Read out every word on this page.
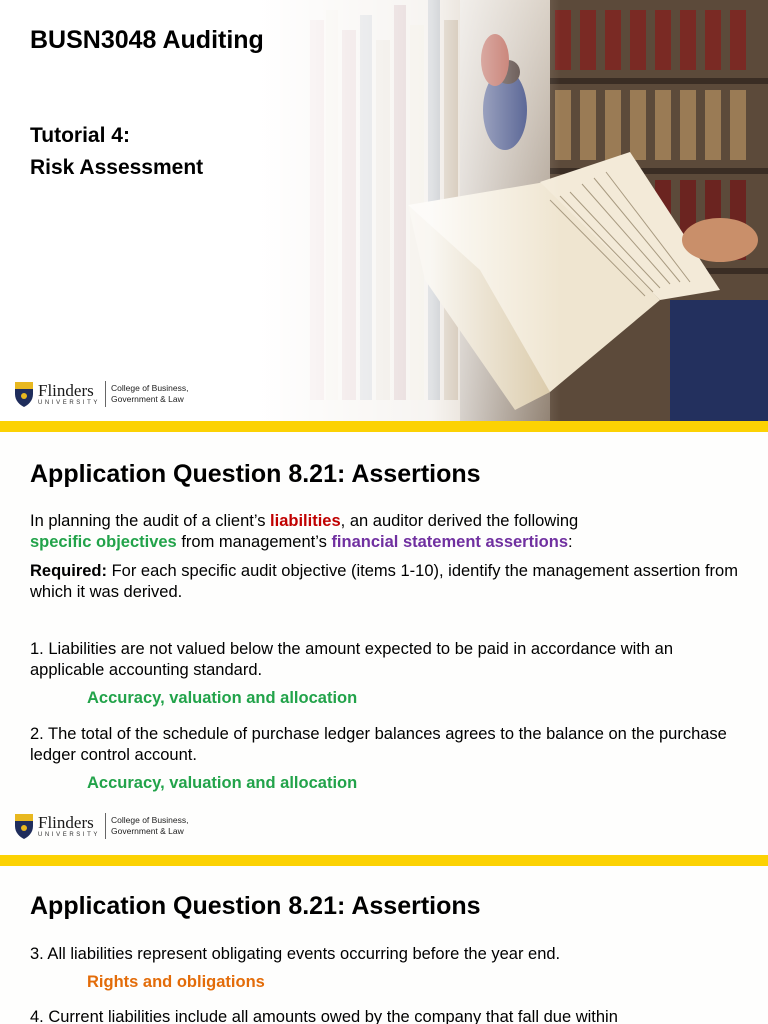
BUSN3048 Auditing
Tutorial 4:
Risk Assessment
Flinders
UNIVERSITY
College of Business,
Government & Law
Application Question 8.21: Assertions
In planning the audit of a client’s liabilities, an auditor derived the following
specific objectives from management’s financial statement assertions:
Required: For each specific audit objective (items 1-10), identify the management assertion from which it was derived.
1. Liabilities are not valued below the amount expected to be paid in accordance with an applicable accounting standard.
Accuracy, valuation and allocation
2. The total of the schedule of purchase ledger balances agrees to the balance on the purchase ledger control account.
Accuracy, valuation and allocation
Flinders
UNIVERSITY
College of Business,
Government & Law
Application Question 8.21: Assertions
3. All liabilities represent obligating events occurring before the year end.
Rights and obligations
4. Current liabilities include all amounts owed by the company that fall due within
